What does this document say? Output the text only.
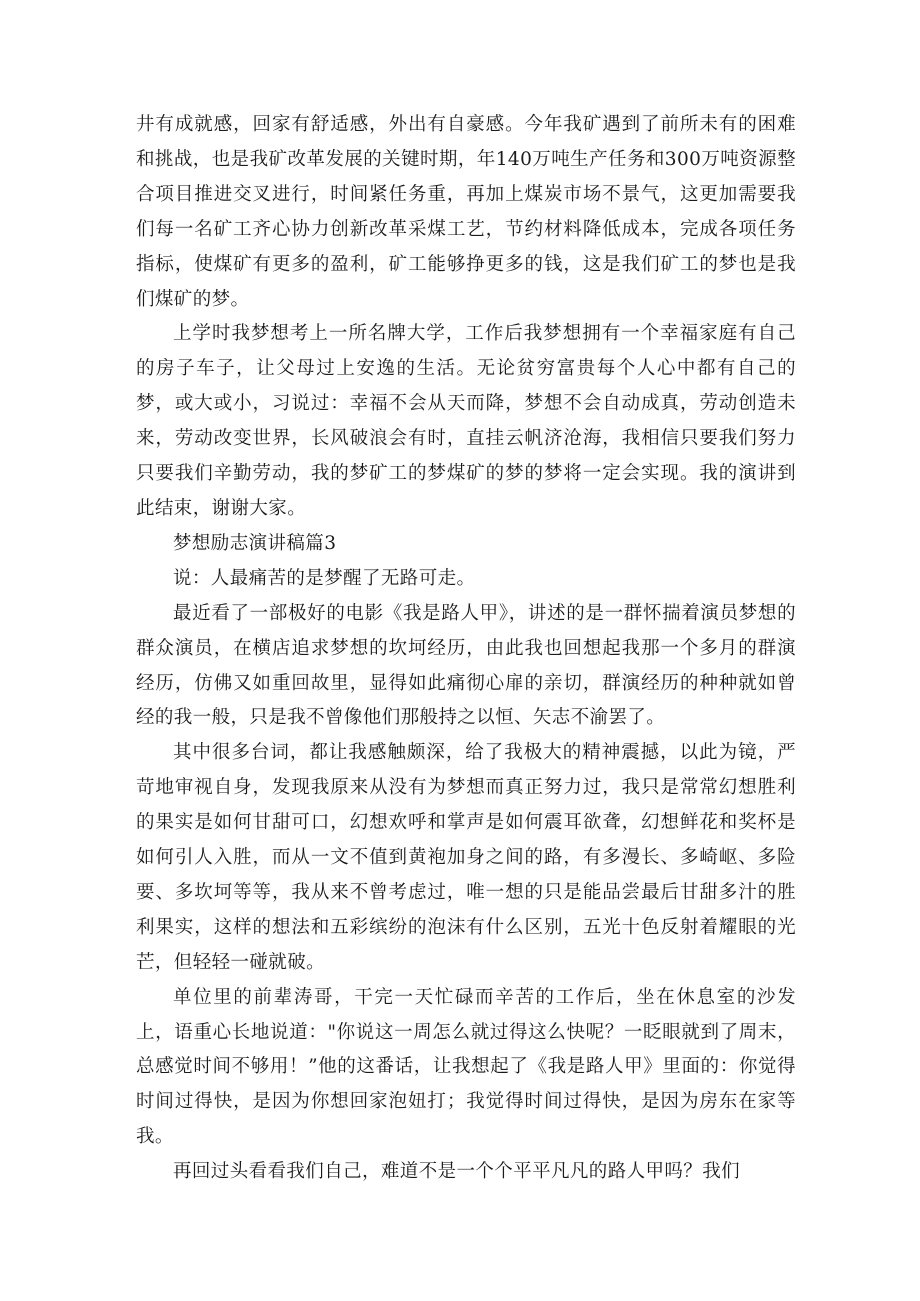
井有成就感，回家有舒适感，外出有自豪感。今年我矿遇到了前所未有的困难和挑战，也是我矿改革发展的关键时期，年140万吨生产任务和300万吨资源整合项目推进交叉进行，时间紧任务重，再加上煤炭市场不景气，这更加需要我们每一名矿工齐心协力创新改革采煤工艺，节约材料降低成本，完成各项任务指标，使煤矿有更多的盈利，矿工能够挣更多的钱，这是我们矿工的梦也是我们煤矿的梦。

上学时我梦想考上一所名牌大学，工作后我梦想拥有一个幸福家庭有自己的房子车子，让父母过上安逸的生活。无论贫穷富贵每个人心中都有自己的梦，或大或小，习说过：幸福不会从天而降，梦想不会自动成真，劳动创造未来，劳动改变世界，长风破浪会有时，直挂云帆济沧海，我相信只要我们努力只要我们辛勤劳动，我的梦矿工的梦煤矿的梦的梦将一定会实现。我的演讲到此结束，谢谢大家。

梦想励志演讲稿篇3

说：人最痛苦的是梦醒了无路可走。

最近看了一部极好的电影《我是路人甲》，讲述的是一群怀揣着演员梦想的群众演员，在横店追求梦想的坎坷经历，由此我也回想起我那一个多月的群演经历，仿佛又如重回故里，显得如此痛彻心扉的亲切，群演经历的种种就如曾经的我一般，只是我不曾像他们那般持之以恒、矢志不渝罢了。

其中很多台词，都让我感触颇深，给了我极大的精神震撼，以此为镜，严苛地审视自身，发现我原来从没有为梦想而真正努力过，我只是常常幻想胜利的果实是如何甘甜可口，幻想欢呼和掌声是如何震耳欲聋，幻想鲜花和奖杯是如何引人入胜，而从一文不值到黄袍加身之间的路，有多漫长、多崎岖、多险要、多坎坷等等，我从来不曾考虑过，唯一想的只是能品尝最后甘甜多汁的胜利果实，这样的想法和五彩缤纷的泡沫有什么区别，五光十色反射着耀眼的光芒，但轻轻一碰就破。

单位里的前辈涛哥，干完一天忙碌而辛苦的工作后，坐在休息室的沙发上，语重心长地说道："你说这一周怎么就过得这么快呢？一眨眼就到了周末，总感觉时间不够用！”他的这番话，让我想起了《我是路人甲》里面的：你觉得时间过得快，是因为你想回家泡妞打；我觉得时间过得快，是因为房东在家等我。

再回过头看看我们自己，难道不是一个个平平凡凡的路人甲吗？我们
